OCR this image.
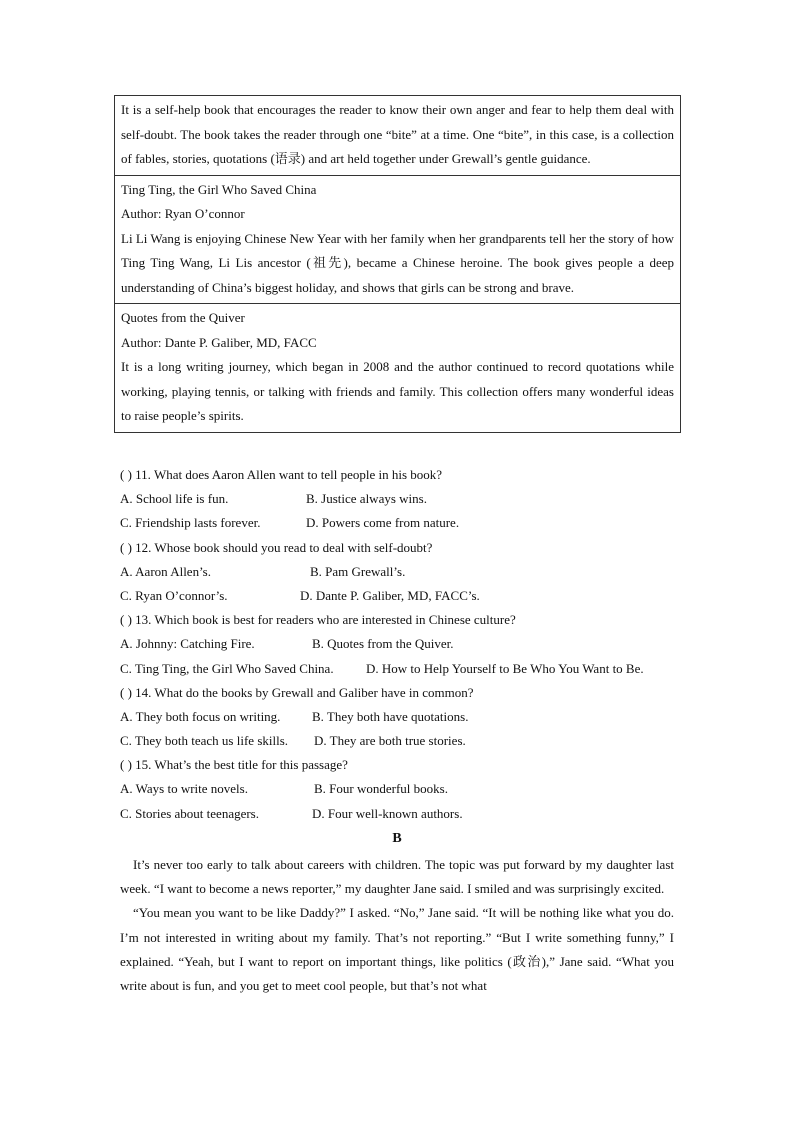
It is a self-help book that encourages the reader to know their own anger and fear to help them deal with self-doubt. The book takes the reader through one “bite” at a time. One “bite”, in this case, is a collection of fables, stories, quotations (语录) and art held together under Grewall’s gentle guidance.

Ting Ting, the Girl Who Saved China
Author: Ryan O’connor
Li Li Wang is enjoying Chinese New Year with her family when her grandparents tell her the story of how Ting Ting Wang, Li Lis ancestor (祖先), became a Chinese heroine. The book gives people a deep understanding of China’s biggest holiday, and shows that girls can be strong and brave.

Quotes from the Quiver
Author: Dante P. Galiber, MD, FACC
It is a long writing journey, which began in 2008 and the author continued to record quotations while working, playing tennis, or talking with friends and family. This collection offers many wonderful ideas to raise people’s spirits.
( ) 11. What does Aaron Allen want to tell people in his book?
A. School life is fun.	B. Justice always wins.
C. Friendship lasts forever.	D. Powers come from nature.
( ) 12. Whose book should you read to deal with self-doubt?
A. Aaron Allen’s.	B. Pam Grewall’s.
C. Ryan O’connor’s.	D. Dante P. Galiber, MD, FACC’s.
( ) 13. Which book is best for readers who are interested in Chinese culture?
A. Johnny: Catching Fire.	B. Quotes from the Quiver.
C. Ting Ting, the Girl Who Saved China. D. How to Help Yourself to Be Who You Want to Be.
( ) 14. What do the books by Grewall and Galiber have in common?
A. They both focus on writing. B. They both have quotations.
C. They both teach us life skills. D. They are both true stories.
( ) 15. What’s the best title for this passage?
A. Ways to write novels.	B. Four wonderful books.
C. Stories about teenagers.	D. Four well-known authors.
B

It’s never too early to talk about careers with children. The topic was put forward by my daughter last week. “I want to become a news reporter,” my daughter Jane said. I smiled and was surprisingly excited.

“You mean you want to be like Daddy?” I asked. “No,” Jane said. “It will be nothing like what you do. I’m not interested in writing about my family. That’s not reporting.” “But I write something funny,” I explained. “Yeah, but I want to report on important things, like politics (政治),” Jane said. “What you write about is fun, and you get to meet cool people, but that’s not what
